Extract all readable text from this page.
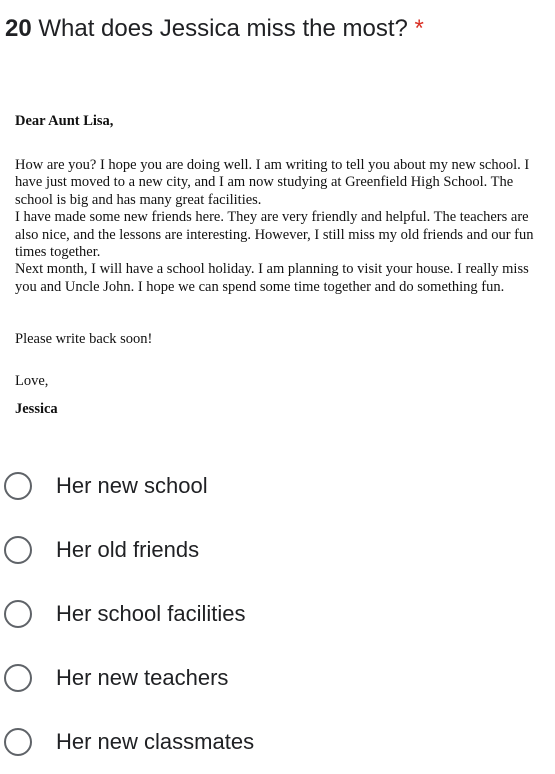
20 What does Jessica miss the most? *

Dear Aunt Lisa,

How are you? I hope you are doing well. I am writing to tell you about my new school. I have just moved to a new city, and I am now studying at Greenfield High School. The school is big and has many great facilities.
I have made some new friends here. They are very friendly and helpful. The teachers are also nice, and the lessons are interesting. However, I still miss my old friends and our fun times together.
Next month, I will have a school holiday. I am planning to visit your house. I really miss you and Uncle John. I hope we can spend some time together and do something fun.

Please write back soon!

Love,

Jessica

Her new school
Her old friends
Her school facilities
Her new teachers
Her new classmates
